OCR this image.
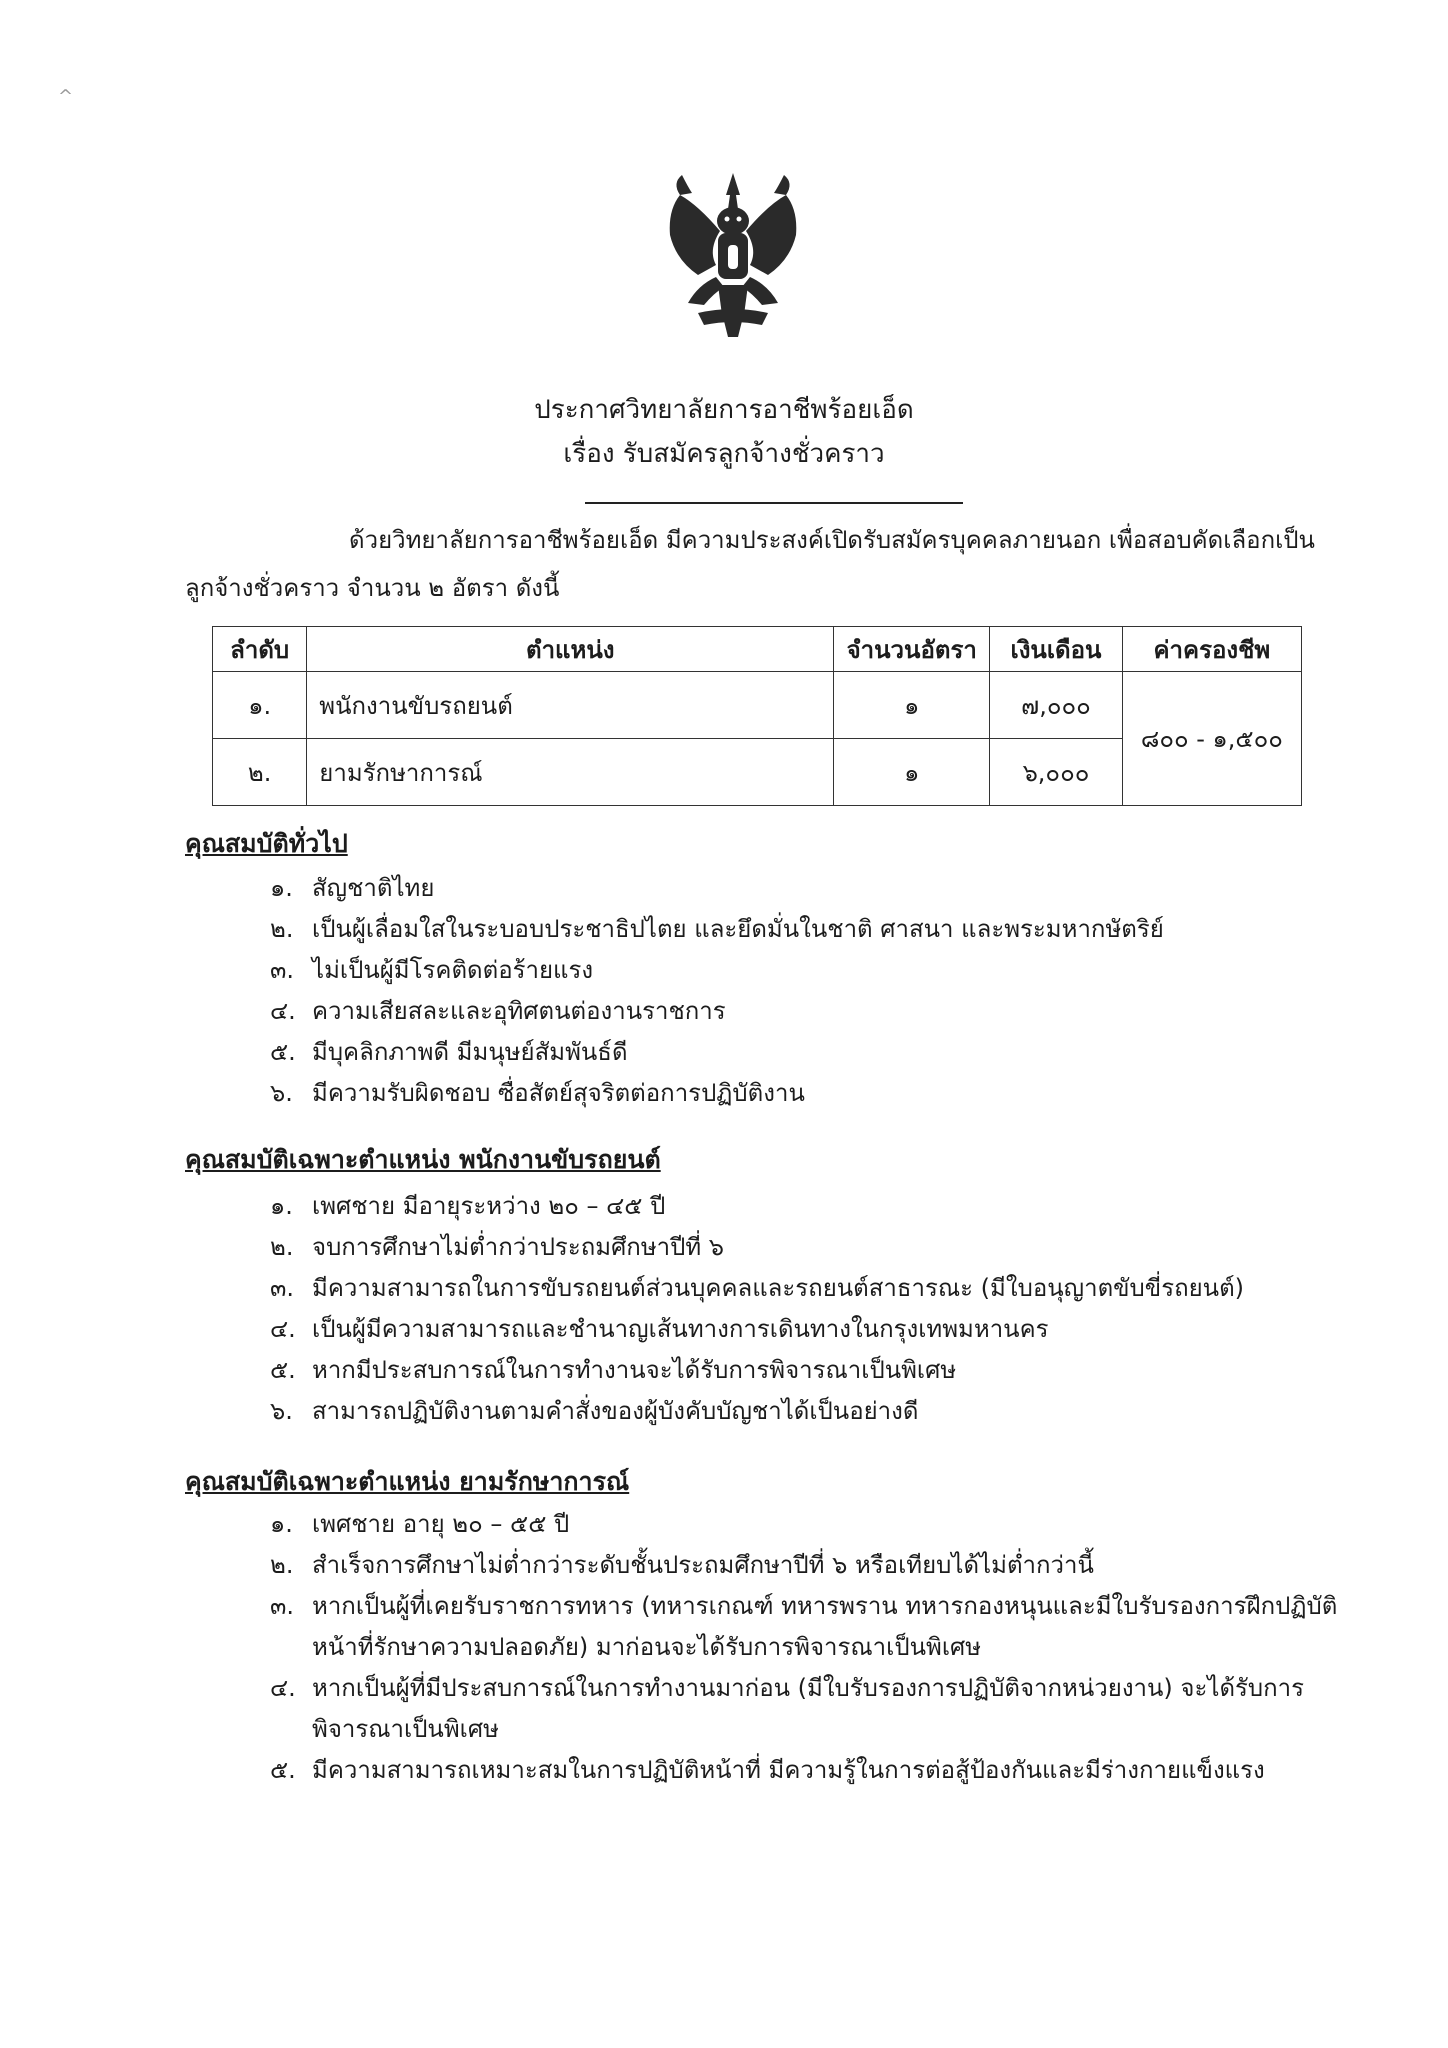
^
ประกาศวิทยาลัยการอาชีพร้อยเอ็ด
เรื่อง รับสมัครลูกจ้างชั่วคราว
ด้วยวิทยาลัยการอาชีพร้อยเอ็ด มีความประสงค์เปิดรับสมัครบุคคลภายนอก เพื่อสอบคัดเลือกเป็น
ลูกจ้างชั่วคราว จำนวน ๒ อัตรา ดังนี้
ลำดับ	ตำแหน่ง	จำนวนอัตรา	เงินเดือน	ค่าครองชีพ
๑.	พนักงานขับรถยนต์	๑	๗,๐๐๐	๘๐๐ - ๑,๕๐๐
๒.	ยามรักษาการณ์	๑	๖,๐๐๐	
คุณสมบัติทั่วไป
๑. สัญชาติไทย
๒. เป็นผู้เลื่อมใสในระบอบประชาธิปไตย และยึดมั่นในชาติ ศาสนา และพระมหากษัตริย์
๓. ไม่เป็นผู้มีโรคติดต่อร้ายแรง
๔. ความเสียสละและอุทิศตนต่องานราชการ
๕. มีบุคลิกภาพดี มีมนุษย์สัมพันธ์ดี
๖. มีความรับผิดชอบ ซื่อสัตย์สุจริตต่อการปฏิบัติงาน
คุณสมบัติเฉพาะตำแหน่ง พนักงานขับรถยนต์
๑. เพศชาย มีอายุระหว่าง ๒๐ – ๔๕ ปี
๒. จบการศึกษาไม่ต่ำกว่าประถมศึกษาปีที่ ๖
๓. มีความสามารถในการขับรถยนต์ส่วนบุคคลและรถยนต์สาธารณะ (มีใบอนุญาตขับขี่รถยนต์)
๔. เป็นผู้มีความสามารถและชำนาญเส้นทางการเดินทางในกรุงเทพมหานคร
๕. หากมีประสบการณ์ในการทำงานจะได้รับการพิจารณาเป็นพิเศษ
๖. สามารถปฏิบัติงานตามคำสั่งของผู้บังคับบัญชาได้เป็นอย่างดี
คุณสมบัติเฉพาะตำแหน่ง ยามรักษาการณ์
๑. เพศชาย อายุ ๒๐ – ๕๕ ปี
๒. สำเร็จการศึกษาไม่ต่ำกว่าระดับชั้นประถมศึกษาปีที่ ๖ หรือเทียบได้ไม่ต่ำกว่านี้
๓. หากเป็นผู้ที่เคยรับราชการทหาร (ทหารเกณฑ์ ทหารพราน ทหารกองหนุนและมีใบรับรองการฝึกปฏิบัติหน้าที่รักษาความปลอดภัย) มาก่อนจะได้รับการพิจารณาเป็นพิเศษ
๔. หากเป็นผู้ที่มีประสบการณ์ในการทำงานมาก่อน (มีใบรับรองการปฏิบัติจากหน่วยงาน) จะได้รับการพิจารณาเป็นพิเศษ
๕. มีความสามารถเหมาะสมในการปฏิบัติหน้าที่ มีความรู้ในการต่อสู้ป้องกันและมีร่างกายแข็งแรง
